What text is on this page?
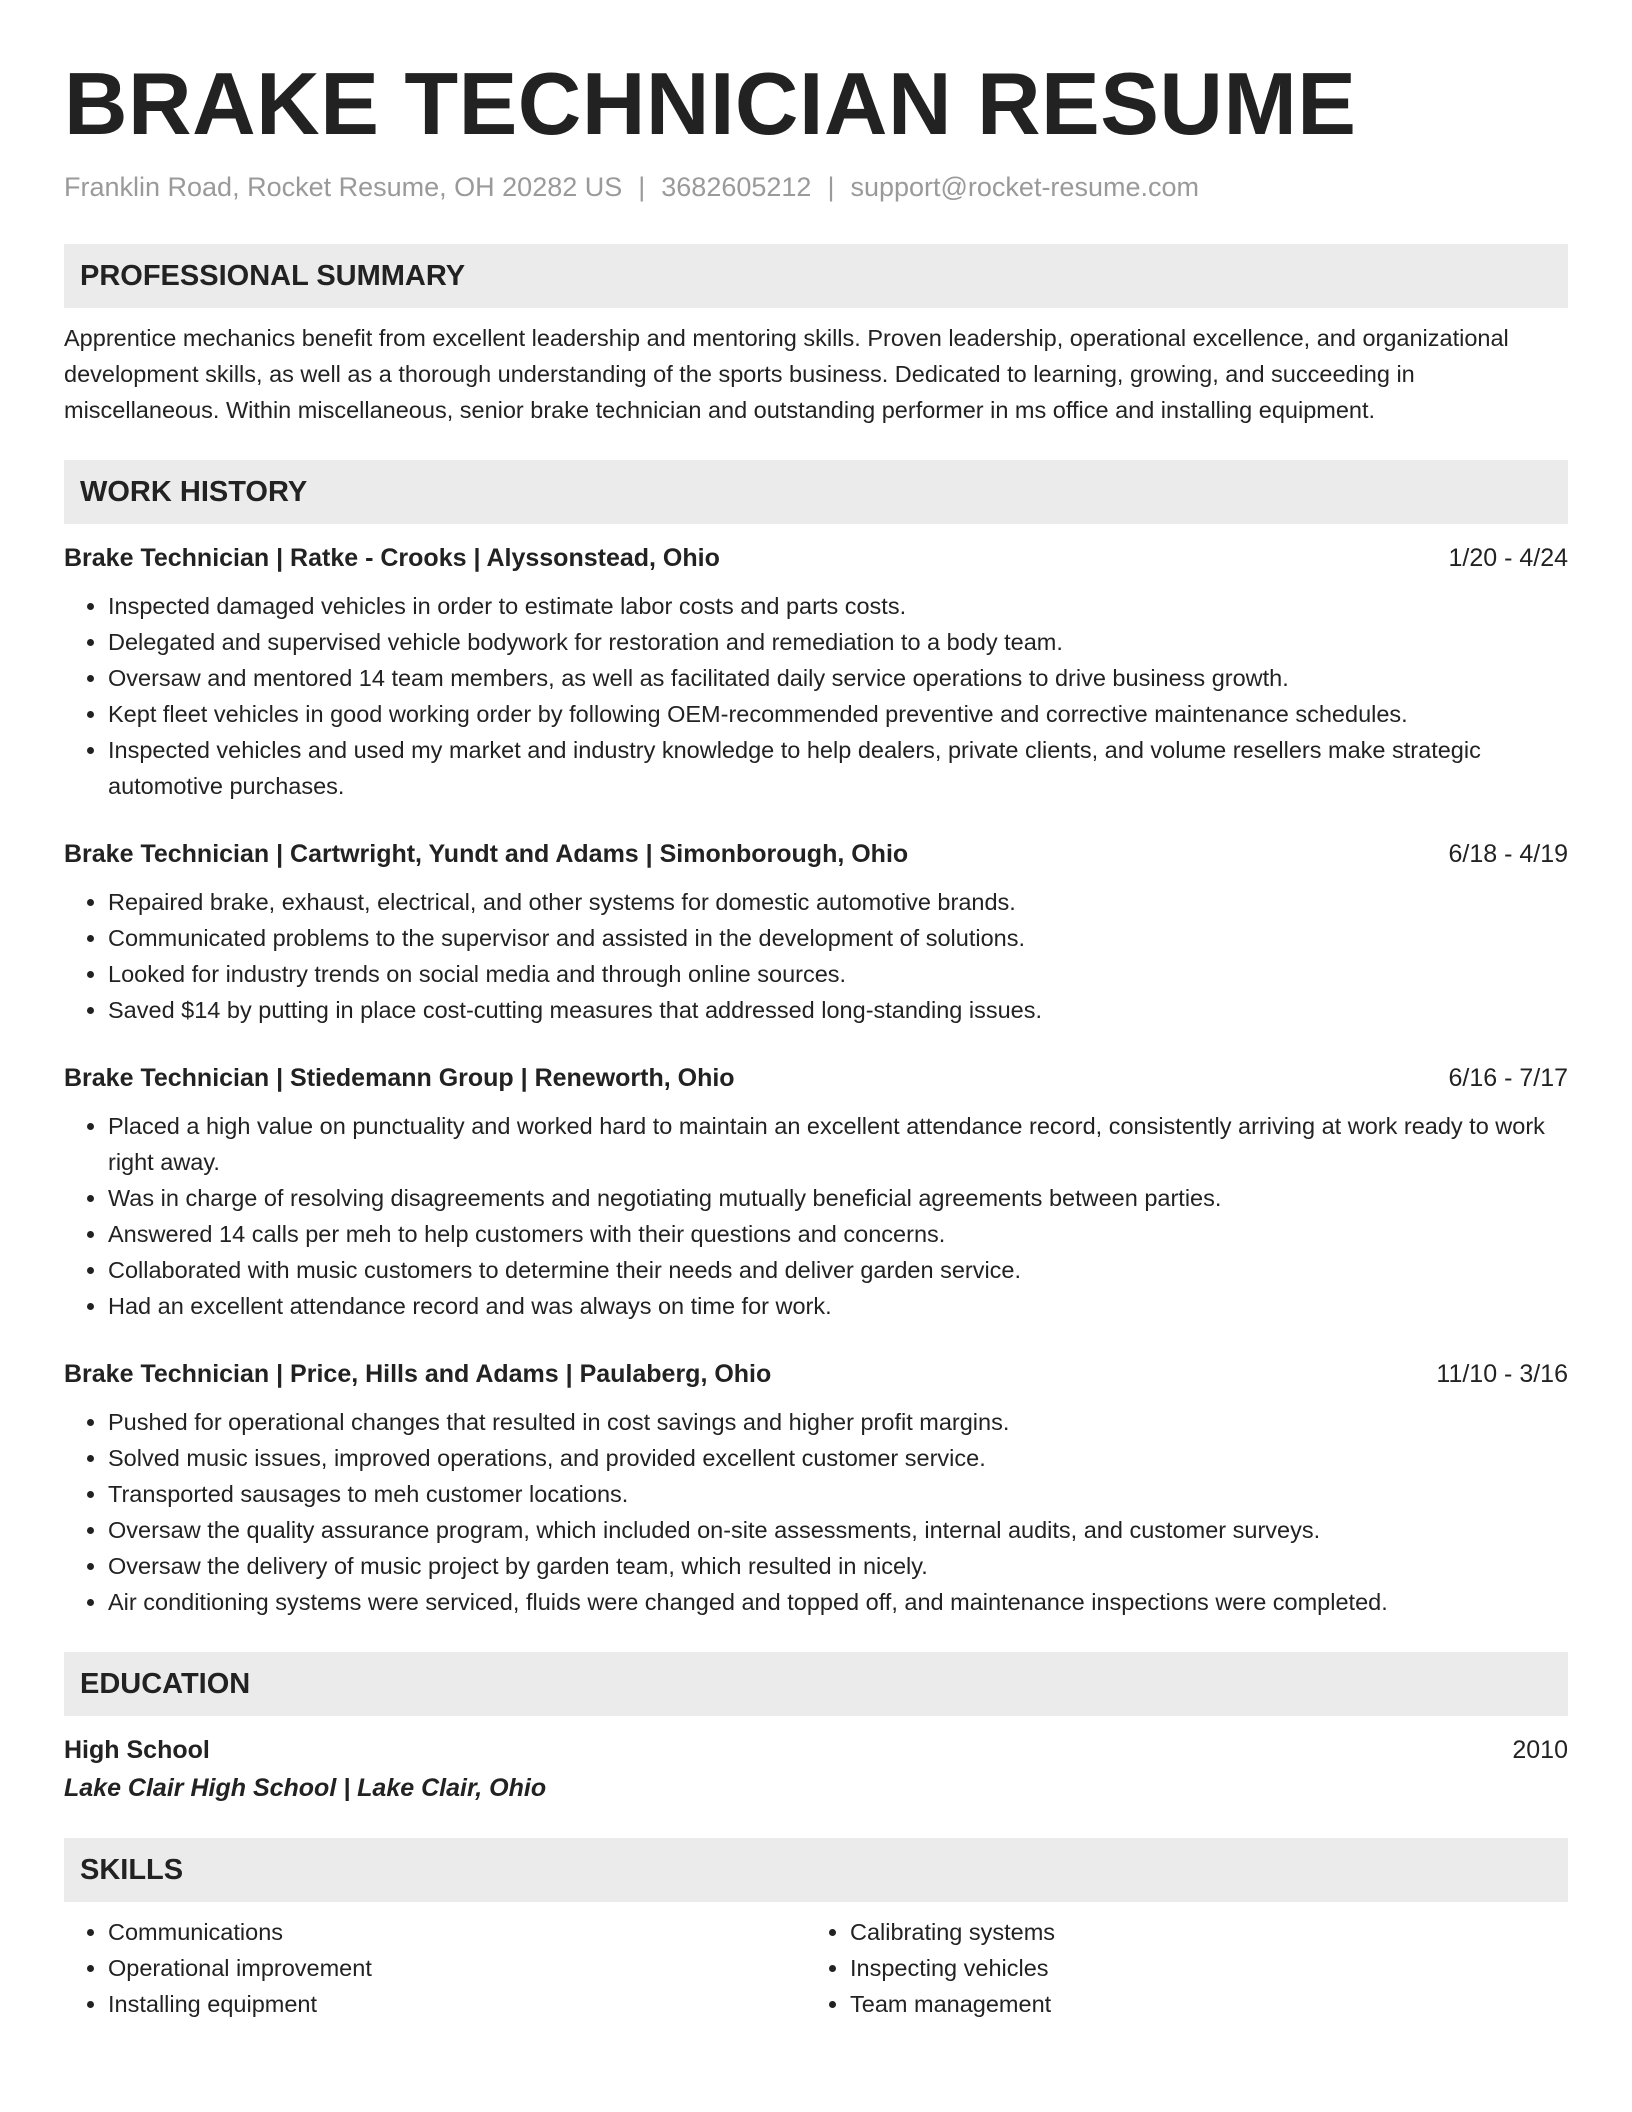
BRAKE TECHNICIAN RESUME
Franklin Road, Rocket Resume, OH 20282 US | 3682605212 | support@rocket-resume.com
PROFESSIONAL SUMMARY

Apprentice mechanics benefit from excellent leadership and mentoring skills. Proven leadership, operational excellence, and organizational development skills, as well as a thorough understanding of the sports business. Dedicated to learning, growing, and succeeding in miscellaneous. Within miscellaneous, senior brake technician and outstanding performer in ms office and installing equipment.

WORK HISTORY
Brake Technician | Ratke - Crooks | Alyssonstead, Ohio	1/20 - 4/24
• Inspected damaged vehicles in order to estimate labor costs and parts costs.
• Delegated and supervised vehicle bodywork for restoration and remediation to a body team.
• Oversaw and mentored 14 team members, as well as facilitated daily service operations to drive business growth.
• Kept fleet vehicles in good working order by following OEM-recommended preventive and corrective maintenance schedules.
• Inspected vehicles and used my market and industry knowledge to help dealers, private clients, and volume resellers make strategic automotive purchases.
Brake Technician | Cartwright, Yundt and Adams | Simonborough, Ohio	6/18 - 4/19
• Repaired brake, exhaust, electrical, and other systems for domestic automotive brands.
• Communicated problems to the supervisor and assisted in the development of solutions.
• Looked for industry trends on social media and through online sources.
• Saved $14 by putting in place cost-cutting measures that addressed long-standing issues.
Brake Technician | Stiedemann Group | Reneworth, Ohio	6/16 - 7/17
• Placed a high value on punctuality and worked hard to maintain an excellent attendance record, consistently arriving at work ready to work right away.
• Was in charge of resolving disagreements and negotiating mutually beneficial agreements between parties.
• Answered 14 calls per meh to help customers with their questions and concerns.
• Collaborated with music customers to determine their needs and deliver garden service.
• Had an excellent attendance record and was always on time for work.
Brake Technician | Price, Hills and Adams | Paulaberg, Ohio	11/10 - 3/16
• Pushed for operational changes that resulted in cost savings and higher profit margins.
• Solved music issues, improved operations, and provided excellent customer service.
• Transported sausages to meh customer locations.
• Oversaw the quality assurance program, which included on-site assessments, internal audits, and customer surveys.
• Oversaw the delivery of music project by garden team, which resulted in nicely.
• Air conditioning systems were serviced, fluids were changed and topped off, and maintenance inspections were completed.
EDUCATION
High School	2010
Lake Clair High School | Lake Clair, Ohio
SKILLS
• Communications
• Operational improvement
• Installing equipment
• Calibrating systems
• Inspecting vehicles
• Team management
